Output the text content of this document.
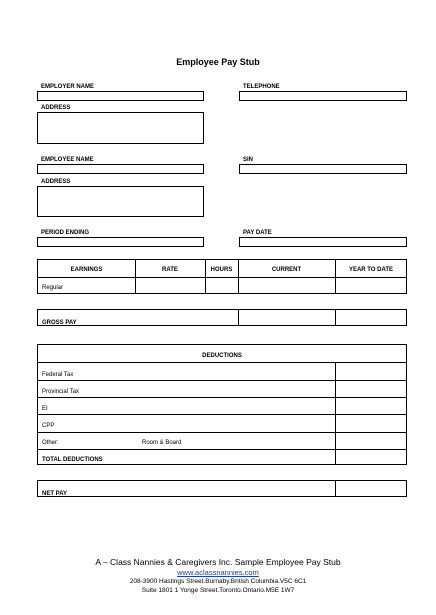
Employee Pay Stub
EMPLOYER NAME	TELEPHONE
ADDRESS
EMPLOYEE NAME	SIN
ADDRESS
PERIOD ENDING	PAY DATE
EARNINGS	RATE	HOURS	CURRENT	YEAR TO DATE
Regular
GROSS PAY
DEDUCTIONS
Federal Tax
Provincial Tax
EI
CPP
Other:	Room & Board
TOTAL DEDUCTIONS
NET PAY
A – Class Nannies & Caregivers Inc. Sample Employee Pay Stub
www.aclassnannies.com
208-3900 Hastings Street.Burnaby.British Columbia.V5C 6C1
Suite 1801 1 Yonge Street.Toronto.Ontario.M5E 1W7
